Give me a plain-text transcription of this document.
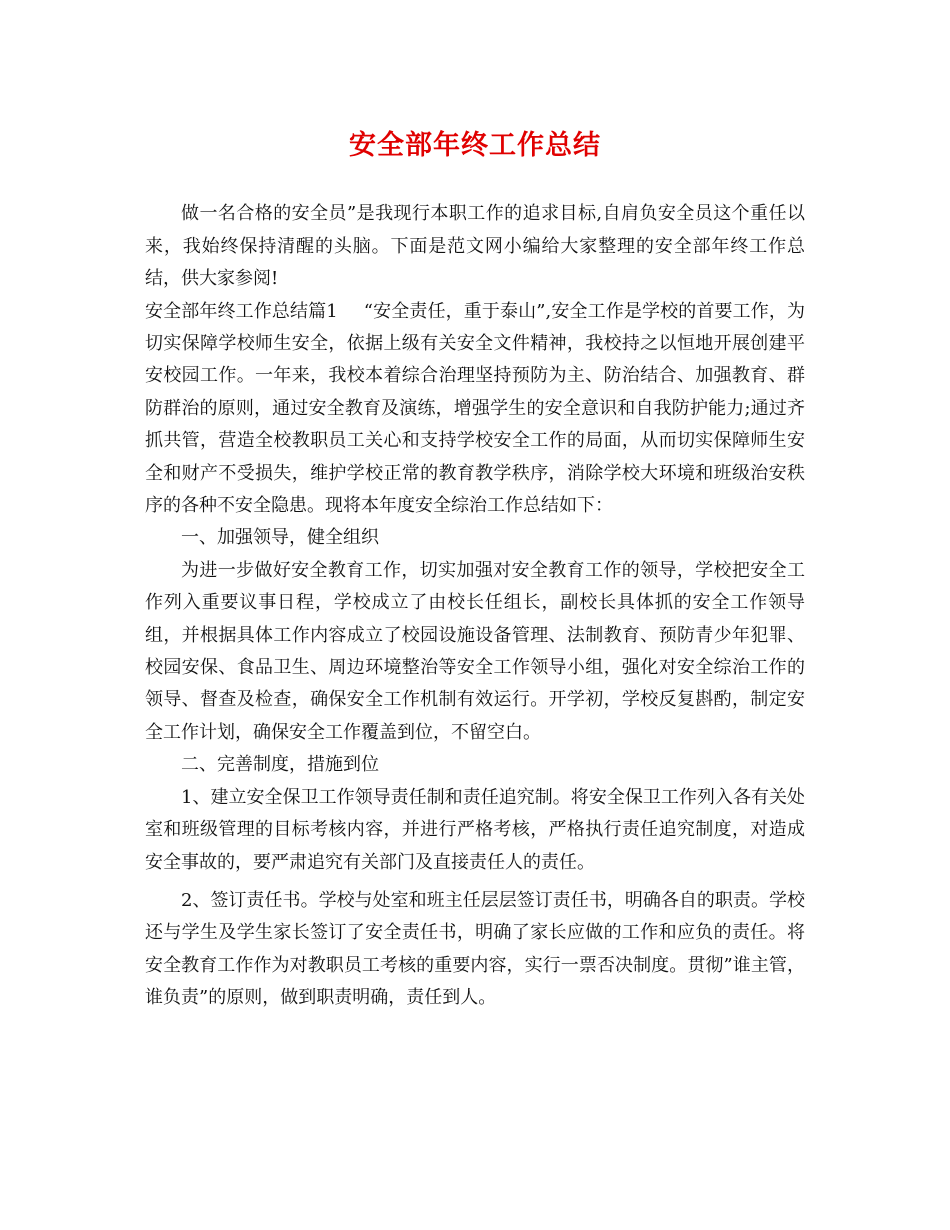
安全部年终工作总结

做一名合格的安全员”是我现行本职工作的追求目标,自肩负安全员这个重任以来，我始终保持清醒的头脑。下面是范文网小编给大家整理的安全部年终工作总结，供大家参阅!

安全部年终工作总结篇1 “安全责任，重于泰山”,安全工作是学校的首要工作，为切实保障学校师生安全，依据上级有关安全文件精神，我校持之以恒地开展创建平安校园工作。一年来，我校本着综合治理坚持预防为主、防治结合、加强教育、群防群治的原则，通过安全教育及演练，增强学生的安全意识和自我防护能力;通过齐抓共管，营造全校教职员工关心和支持学校安全工作的局面，从而切实保障师生安全和财产不受损失，维护学校正常的教育教学秩序，消除学校大环境和班级治安秩序的各种不安全隐患。现将本年度安全综治工作总结如下：

一、加强领导，健全组织

为进一步做好安全教育工作，切实加强对安全教育工作的领导，学校把安全工作列入重要议事日程，学校成立了由校长任组长，副校长具体抓的安全工作领导组，并根据具体工作内容成立了校园设施设备管理、法制教育、预防青少年犯罪、校园安保、食品卫生、周边环境整治等安全工作领导小组，强化对安全综治工作的领导、督查及检查，确保安全工作机制有效运行。开学初，学校反复斟酌，制定安全工作计划，确保安全工作覆盖到位，不留空白。

二、完善制度，措施到位

1、建立安全保卫工作领导责任制和责任追究制。将安全保卫工作列入各有关处室和班级管理的目标考核内容，并进行严格考核，严格执行责任追究制度，对造成安全事故的，要严肃追究有关部门及直接责任人的责任。

2、签订责任书。学校与处室和班主任层层签订责任书，明确各自的职责。学校还与学生及学生家长签订了安全责任书，明确了家长应做的工作和应负的责任。将安全教育工作作为对教职员工考核的重要内容，实行一票否决制度。贯彻”谁主管，谁负责”的原则，做到职责明确，责任到人。
